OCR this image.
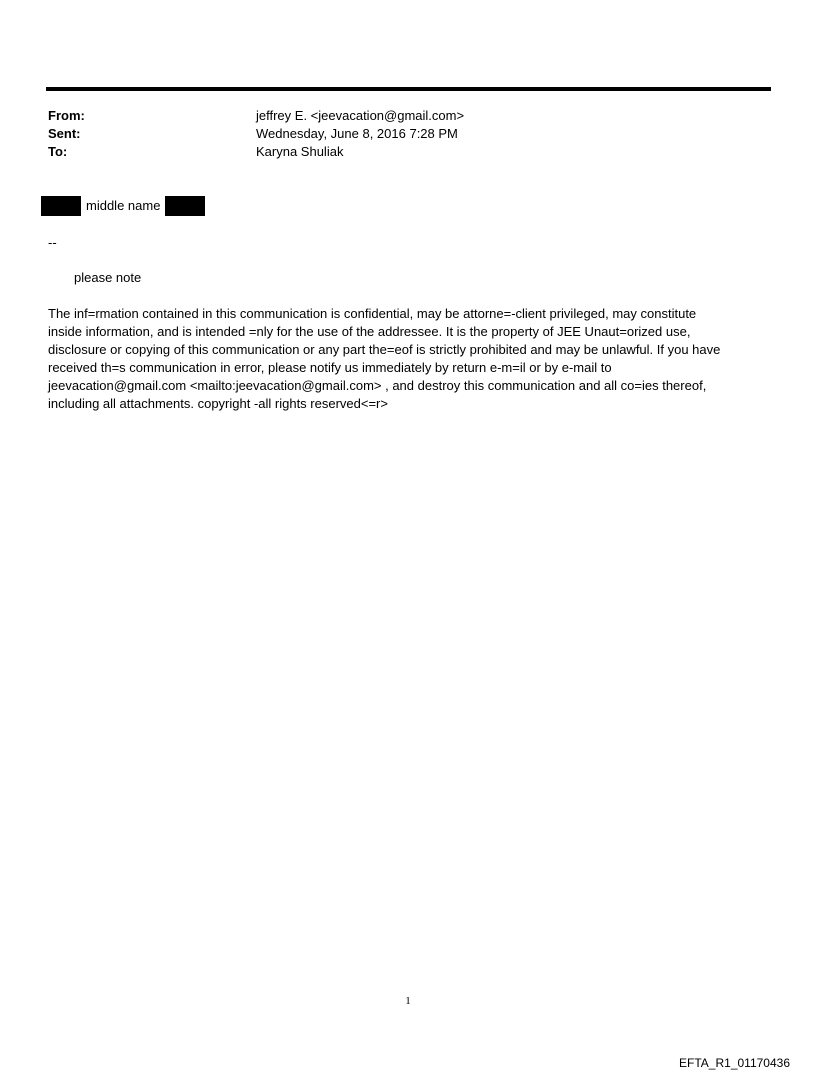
From:	jeffrey E. <jeevacation@gmail.com>
Sent:	Wednesday, June 8, 2016 7:28 PM
To:	Karyna Shuliak
middle name
--
please note

The inf=rmation contained in this communication is confidential, may be attorne=-client privileged, may constitute

inside information, and is intended =nly for the use of the addressee. It is the property of JEE Unaut=orized use,

disclosure or copying of this communication or any part the=eof is strictly prohibited and may be unlawful. If you have

received th=s communication in error, please notify us immediately by return e-m=il or by e-mail to

jeevacation@gmail.com <mailto:jeevacation@gmail.com> , and destroy this communication and all co=ies thereof,

including all attachments. copyright -all rights reserved<=r>

1
EFTA_R1_01170436
